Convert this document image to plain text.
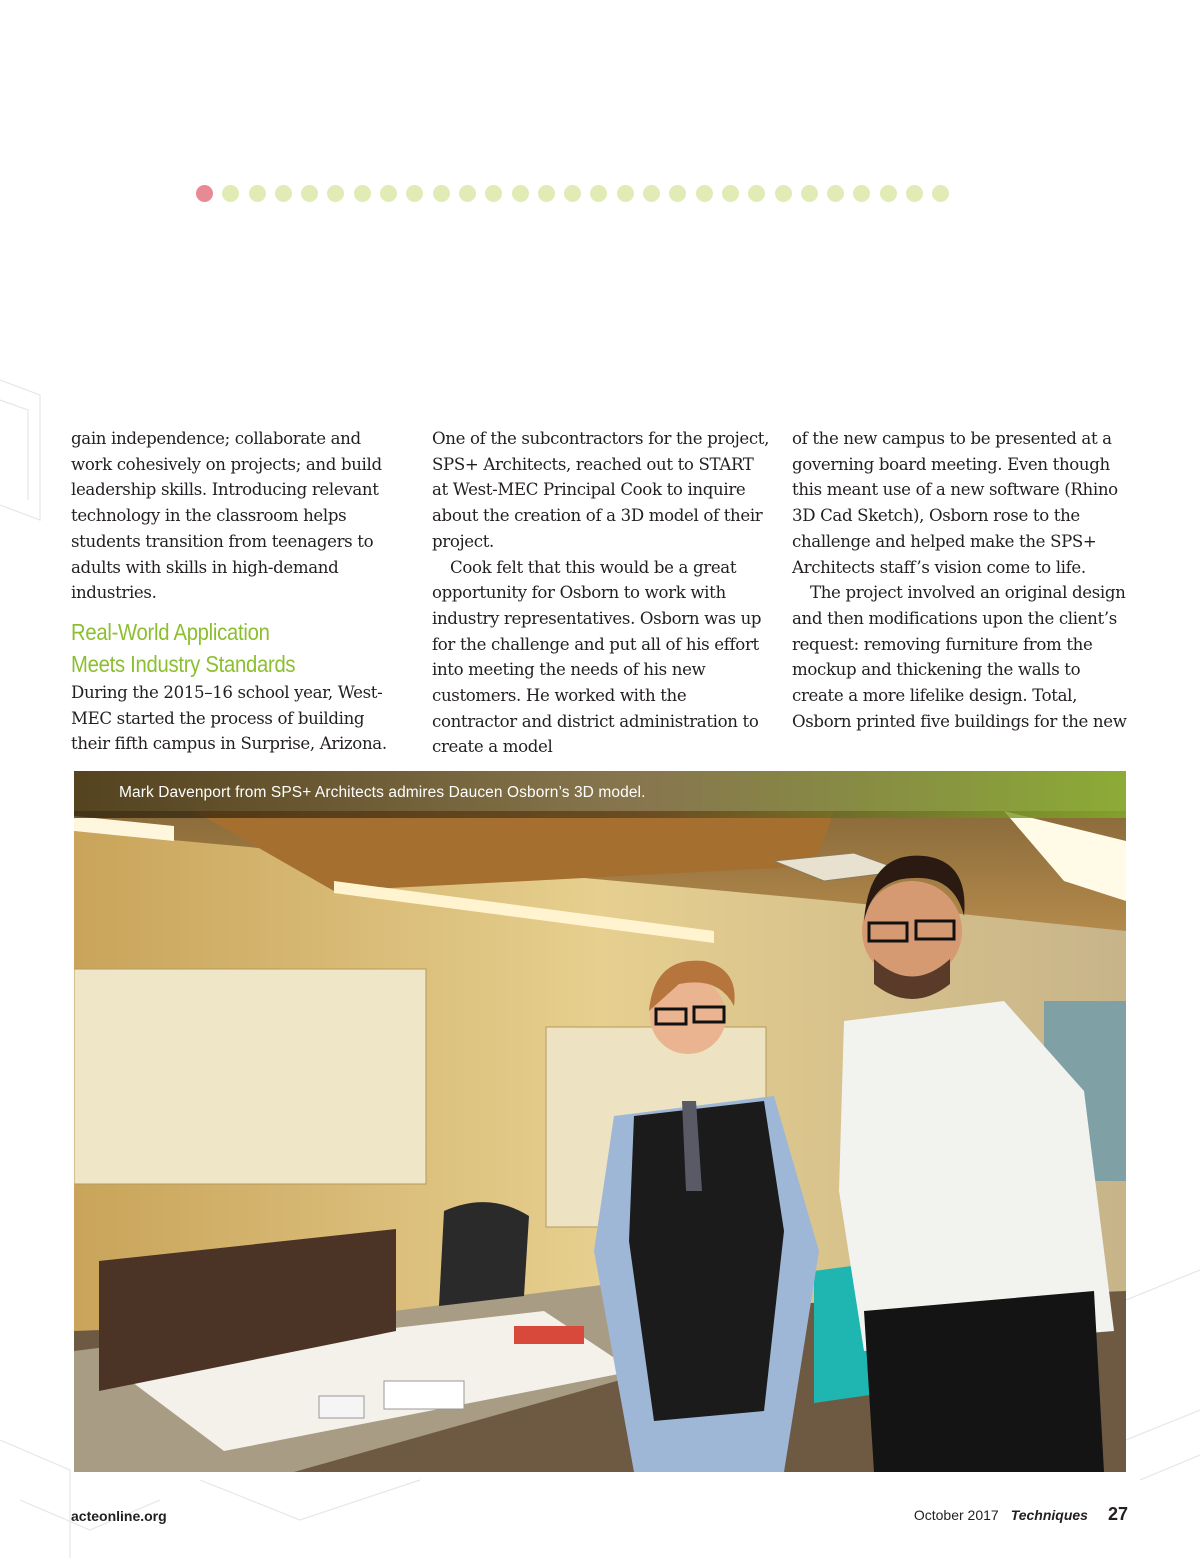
gain independence; collaborate and work cohesively on projects; and build leadership skills. Introducing relevant technology in the classroom helps students transition from teenagers to adults with skills in high-demand industries.

Real-World Application
Meets Industry Standards

During the 2015–16 school year, West-MEC started the process of building their fifth campus in Surprise, Arizona.

One of the subcontractors for the project, SPS+ Architects, reached out to START at West-MEC Principal Cook to inquire about the creation of a 3D model of their project.

Cook felt that this would be a great opportunity for Osborn to work with industry representatives. Osborn was up for the challenge and put all of his effort into meeting the needs of his new customers. He worked with the contractor and district administration to create a model

of the new campus to be presented at a governing board meeting. Even though this meant use of a new software (Rhino 3D Cad Sketch), Osborn rose to the challenge and helped make the SPS+ Architects staff’s vision come to life.

The project involved an original design and then modifications upon the client’s request: removing furniture from the mockup and thickening the walls to create a more lifelike design. Total, Osborn printed five buildings for the new

Mark Davenport from SPS+ Architects admires Daucen Osborn’s 3D model.
acteonline.org	October 2017 Techniques 27
